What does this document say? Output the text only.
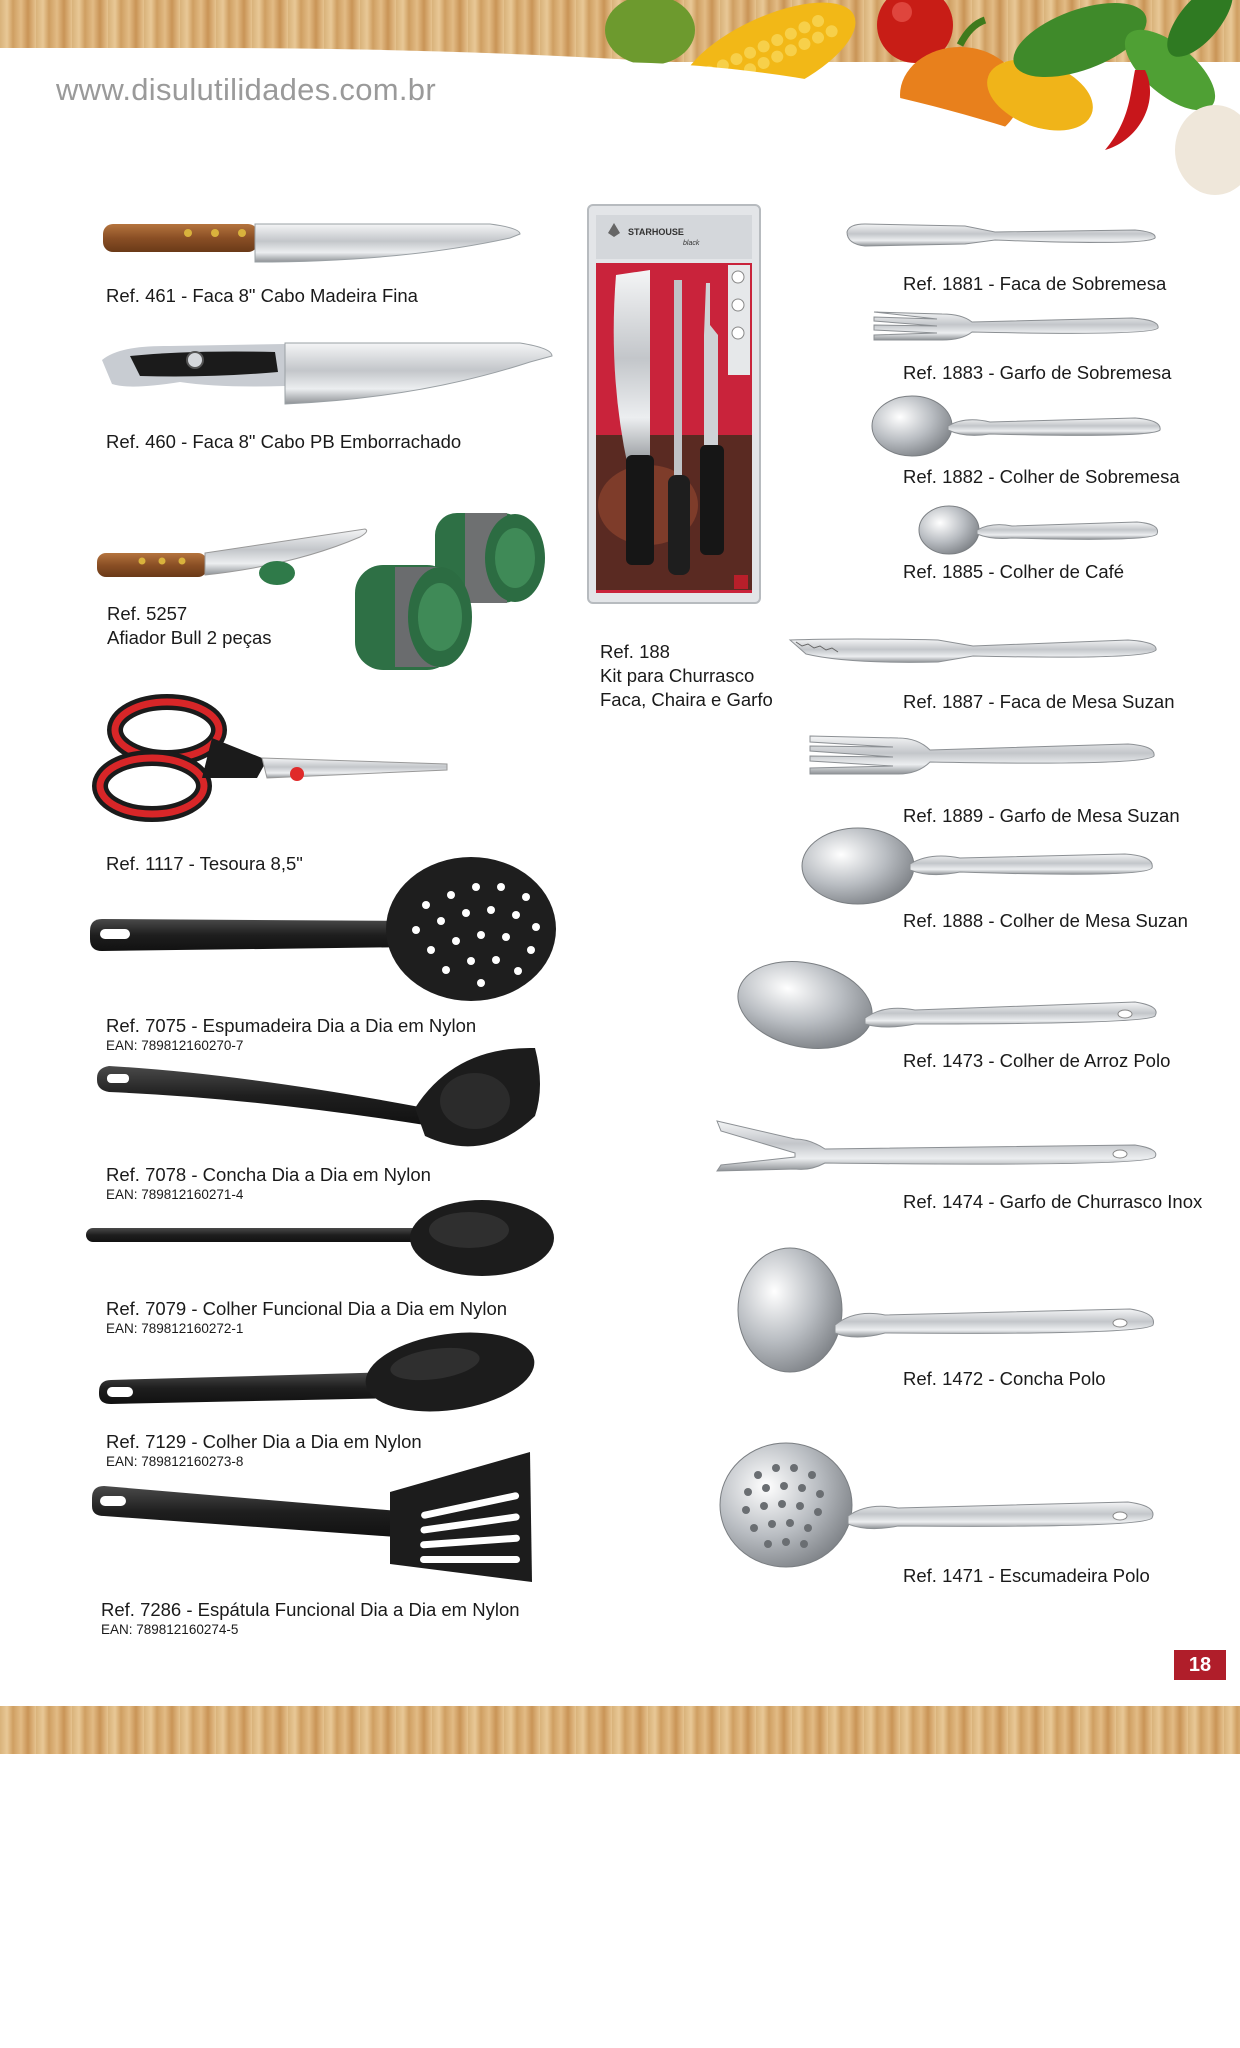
www.disulutilidades.com.br
Ref. 461 - Faca 8" Cabo Madeira Fina
Ref. 460 - Faca 8" Cabo PB Emborrachado
Ref. 5257
Afiador Bull 2 peças
Ref. 1117 - Tesoura 8,5"
Ref. 7075 - Espumadeira Dia a Dia em Nylon
EAN: 789812160270-7
Ref. 7078 - Concha Dia a Dia em Nylon
EAN: 789812160271-4
Ref. 7079 - Colher Funcional Dia a Dia em Nylon
EAN: 789812160272-1
Ref. 7129 - Colher Dia a Dia em Nylon
EAN: 789812160273-8
Ref. 7286 - Espátula Funcional Dia a Dia em Nylon
EAN: 789812160274-5
STARHOUSE
black
Ref. 188
Kit para Churrasco
Faca, Chaira e Garfo
Ref. 1881 - Faca de Sobremesa
Ref. 1883 - Garfo de Sobremesa
Ref. 1882 - Colher de Sobremesa
Ref. 1885 - Colher de Café
Ref. 1887 - Faca de Mesa Suzan
Ref. 1889 - Garfo de Mesa Suzan
Ref. 1888 - Colher de Mesa Suzan
Ref. 1473 - Colher de Arroz Polo
Ref. 1474 - Garfo de Churrasco Inox
Ref. 1472 - Concha Polo
Ref. 1471 - Escumadeira Polo
18
